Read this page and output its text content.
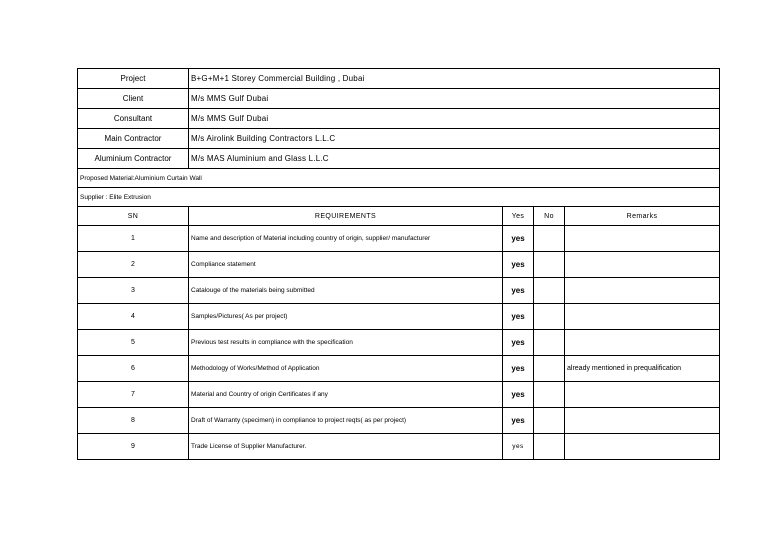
Project	B+G+M+1 Storey Commercial Building , Dubai			
Client	M/s MMS Gulf Dubai			
Consultant	M/s MMS Gulf Dubai			
Main Contractor	M/s Airolink Building Contractors L.L.C			
Aluminium Contractor	M/s MAS Aluminium and Glass L.L.C			
Proposed Material:Aluminium Curtain Wall				
Supplier : Elite Extrusion				
SN	REQUIREMENTS	Yes	No	Remarks
1	Name and description of Material including country of origin, supplier/ manufacturer	yes		
2	Compliance statement	yes		
3	Catalouge of the materials being submitted	yes		
4	Samples/Pictures( As per project)	yes		
5	Previous test results in compliance with the specification	yes		
6	Methodology of Works/Method of Application	yes		already mentioned in prequalification
7	Material and Country of origin Certificates if any	yes		
8	Draft of Warranty (specimen) in compliance to project reqts( as per project)	yes		
9	Trade License of Supplier Manufacturer.	yes		
